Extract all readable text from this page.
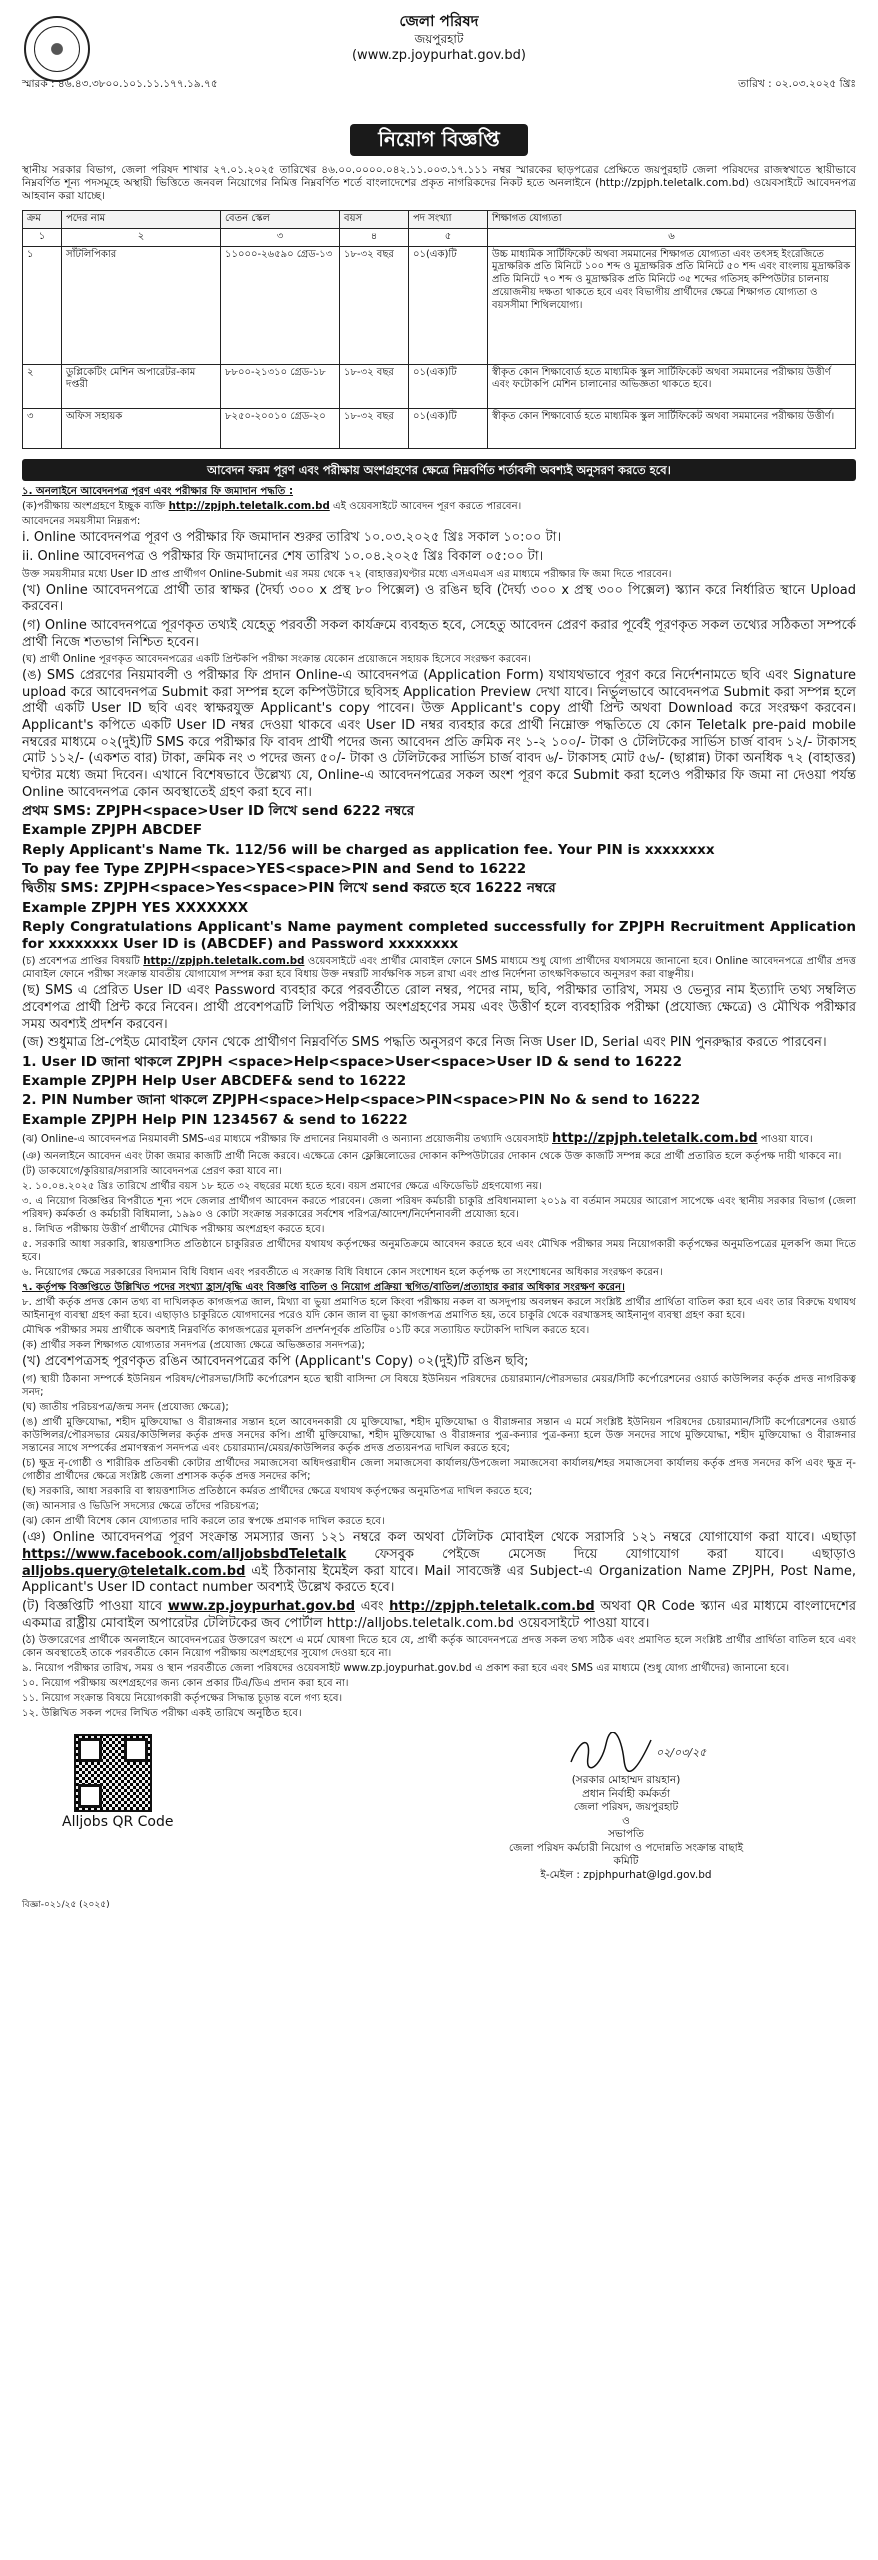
জেলা পরিষদ
জয়পুরহাট
(www.zp.joypurhat.gov.bd)
স্মারক : ৪৬.৪৩.৩৮০০.১০১.১১.১৭৭.১৯.৭৫	তারিখ : ০২.০৩.২০২৫ খ্রিঃ
নিয়োগ বিজ্ঞপ্তি
স্থানীয় সরকার বিভাগ, জেলা পরিষদ শাখার ২৭.০১.২০২৫ তারিখের ৪৬.০০.০০০০.০৪২.১১.০০৩.১৭.১১১ নম্বর স্মারকের ছাড়পত্রের প্রেক্ষিতে জয়পুরহাট জেলা পরিষদের রাজস্বখাতে স্থায়ীভাবে নিম্নবর্ণিত শূন্য পদসমূহে অস্থায়ী ভিত্তিতে জনবল নিয়োগের নিমিত্ত নিম্নবর্ণিত শর্তে বাংলাদেশের প্রকৃত নাগরিকদের নিকট হতে অনলাইনে (http://zpjph.teletalk.com.bd) ওয়েবসাইটে আবেদনপত্র আহবান করা যাচ্ছে।
ক্রম	পদের নাম	বেতন স্কেল	বয়স	পদ সংখ্যা	শিক্ষাগত যোগ্যতা
১	২	৩	৪	৫	৬
১	সাঁটলিপিকার	১১০০০-২৬৫৯০ গ্রেড-১৩	১৮-৩২ বছর	০১(এক)টি	উচ্চ মাধ্যমিক সার্টিফিকেট অথবা সমমানের শিক্ষাগত যোগ্যতা এবং তৎসহ ইংরেজিতে মুদ্রাক্ষরিক প্রতি মিনিটে ১০০ শব্দ ও মুদ্রাক্ষরিক প্রতি মিনিটে ৫০ শব্দ এবং বাংলায় মুদ্রাক্ষরিক প্রতি মিনিটে ৭০ শব্দ ও মুদ্রাক্ষরিক প্রতি মিনিটে ৩৫ শব্দের গতিসহ কম্পিউটার চালনায় প্রয়োজনীয় দক্ষতা থাকতে হবে এবং বিভাগীয় প্রার্থীদের ক্ষেত্রে শিক্ষাগত যোগ্যতা ও বয়সসীমা শিথিলযোগ্য।
২	ডুপ্লিকেটিং মেশিন অপারেটর-কাম দপ্তরী	৮৮০০-২১৩১০ গ্রেড-১৮	১৮-৩২ বছর	০১(এক)টি	স্বীকৃত কোন শিক্ষাবোর্ড হতে মাধ্যমিক স্কুল সার্টিফিকেট অথবা সমমানের পরীক্ষায় উত্তীর্ণ এবং ফটোকপি মেশিন চালানোর অভিজ্ঞতা থাকতে হবে।
৩	অফিস সহায়ক	৮২৫০-২০০১০ গ্রেড-২০	১৮-৩২ বছর	০১(এক)টি	স্বীকৃত কোন শিক্ষাবোর্ড হতে মাধ্যমিক স্কুল সার্টিফিকেট অথবা সমমানের পরীক্ষায় উত্তীর্ণ।
আবেদন ফরম পূরণ এবং পরীক্ষায় অংশগ্রহণের ক্ষেত্রে নিম্নবর্ণিত শর্তাবলী অবশ্যই অনুসরণ করতে হবে।

১. অনলাইনে আবেদনপত্র পূরণ এবং পরীক্ষার ফি জমাদান পদ্ধতি :

(ক)পরীক্ষায় অংশগ্রহণে ইচ্ছুক ব্যক্তি http://zpjph.teletalk.com.bd এই ওয়েবসাইটে আবেদন পূরণ করতে পারবেন।

আবেদনের সময়সীমা নিম্নরূপ:

i. Online আবেদনপত্র পূরণ ও পরীক্ষার ফি জমাদান শুরুর তারিখ ১০.০৩.২০২৫ খ্রিঃ সকাল ১০:০০ টা।

ii. Online আবেদনপত্র ও পরীক্ষার ফি জমাদানের শেষ তারিখ ১০.০৪.২০২৫ খ্রিঃ বিকাল ০৫:০০ টা।

উক্ত সময়সীমার মধ্যে User ID প্রাপ্ত প্রার্থীগণ Online-Submit এর সময় থেকে ৭২ (বাহাত্তর)ঘণ্টার মধ্যে এসএমএস এর মাধ্যমে পরীক্ষার ফি জমা দিতে পারবেন।

(খ) Online আবেদনপত্রে প্রার্থী তার স্বাক্ষর (দৈর্ঘ্য ৩০০ x প্রস্থ ৮০ পিক্সেল) ও রঙিন ছবি (দৈর্ঘ্য ৩০০ x প্রস্থ ৩০০ পিক্সেল) স্ক্যান করে নির্ধারিত স্থানে Upload করবেন।

(গ) Online আবেদনপত্রে পূরণকৃত তথ্যই যেহেতু পরবর্তী সকল কার্যক্রমে ব্যবহৃত হবে, সেহেতু আবেদন প্রেরণ করার পূর্বেই পূরণকৃত সকল তথ্যের সঠিকতা সম্পর্কে প্রার্থী নিজে শতভাগ নিশ্চিত হবেন।

(ঘ) প্রার্থী Online পূরণকৃত আবেদনপত্রের একটি প্রিন্টকপি পরীক্ষা সংক্রান্ত যেকোন প্রয়োজনে সহায়ক হিসেবে সংরক্ষণ করবেন।

(ঙ) SMS প্রেরণের নিয়মাবলী ও পরীক্ষার ফি প্রদান Online-এ আবেদনপত্র (Application Form) যথাযথভাবে পূরণ করে নির্দেশনামতে ছবি এবং Signature upload করে আবেদনপত্র Submit করা সম্পন্ন হলে কম্পিউটারে ছবিসহ Application Preview দেখা যাবে। নির্ভুলভাবে আবেদনপত্র Submit করা সম্পন্ন হলে প্রার্থী একটি User ID ছবি এবং স্বাক্ষরযুক্ত Applicant's copy পাবেন। উক্ত Applicant's copy প্রার্থী প্রিন্ট অথবা Download করে সংরক্ষণ করবেন। Applicant's কপিতে একটি User ID নম্বর দেওয়া থাকবে এবং User ID নম্বর ব্যবহার করে প্রার্থী নিম্নোক্ত পদ্ধতিতে যে কোন Teletalk pre-paid mobile নম্বরের মাধ্যমে ০২(দুই)টি SMS করে পরীক্ষার ফি বাবদ প্রার্থী পদের জন্য আবেদন প্রতি ক্রমিক নং ১-২ ১০০/- টাকা ও টেলিটকের সার্ভিস চার্জ বাবদ ১২/- টাকাসহ মোট ১১২/- (একশত বার) টাকা, ক্রমিক নং ৩ পদের জন্য ৫০/- টাকা ও টেলিটকের সার্ভিস চার্জ বাবদ ৬/- টাকাসহ মোট ৫৬/- (ছাপ্পান্ন) টাকা অনধিক ৭২ (বাহাত্তর) ঘণ্টার মধ্যে জমা দিবেন। এখানে বিশেষভাবে উল্লেখ্য যে, Online-এ আবেদনপত্রের সকল অংশ পূরণ করে Submit করা হলেও পরীক্ষার ফি জমা না দেওয়া পর্যন্ত Online আবেদনপত্র কোন অবস্থাতেই গ্রহণ করা হবে না।

প্রথম SMS: ZPJPH<space>User ID লিখে send 6222 নম্বরে

Example ZPJPH ABCDEF

Reply Applicant's Name Tk. 112/56 will be charged as application fee. Your PIN is xxxxxxxx

To pay fee Type ZPJPH<space>YES<space>PIN and Send to 16222

দ্বিতীয় SMS: ZPJPH<space>Yes<space>PIN লিখে send করতে হবে 16222 নম্বরে

Example ZPJPH YES XXXXXXX

Reply Congratulations Applicant's Name payment completed successfully for ZPJPH Recruitment Application for xxxxxxxx User ID is (ABCDEF) and Password xxxxxxxx

(চ) প্রবেশপত্র প্রাপ্তির বিষয়টি http://zpjph.teletalk.com.bd ওয়েবসাইটে এবং প্রার্থীর মোবাইল ফোনে SMS মাধ্যমে শুধু যোগ্য প্রার্থীদের যথাসময়ে জানানো হবে। Online আবেদনপত্রে প্রার্থীর প্রদত্ত মোবাইল ফোনে পরীক্ষা সংক্রান্ত যাবতীয় যোগাযোগ সম্পন্ন করা হবে বিধায় উক্ত নম্বরটি সার্বক্ষণিক সচল রাখা এবং প্রাপ্ত নির্দেশনা তাৎক্ষণিকভাবে অনুসরণ করা বাঞ্ছনীয়।

(ছ) SMS এ প্রেরিত User ID এবং Password ব্যবহার করে পরবর্তীতে রোল নম্বর, পদের নাম, ছবি, পরীক্ষার তারিখ, সময় ও ভেন্যুর নাম ইত্যাদি তথ্য সম্বলিত প্রবেশপত্র প্রার্থী প্রিন্ট করে নিবেন। প্রার্থী প্রবেশপত্রটি লিখিত পরীক্ষায় অংশগ্রহণের সময় এবং উত্তীর্ণ হলে ব্যবহারিক পরীক্ষা (প্রযোজ্য ক্ষেত্রে) ও মৌখিক পরীক্ষার সময় অবশ্যই প্রদর্শন করবেন।

(জ) শুধুমাত্র প্রি-পেইড মোবাইল ফোন থেকে প্রার্থীগণ নিম্নবর্ণিত SMS পদ্ধতি অনুসরণ করে নিজ নিজ User ID, Serial এবং PIN পুনরুদ্ধার করতে পারবেন।

1. User ID জানা থাকলে ZPJPH <space>Help<space>User<space>User ID & send to 16222

Example ZPJPH Help User ABCDEF& send to 16222

2. PIN Number জানা থাকলে ZPJPH<space>Help<space>PIN<space>PIN No & send to 16222

Example ZPJPH Help PIN 1234567 & send to 16222

(ঝ) Online-এ আবেদনপত্র নিয়মাবলী SMS-এর মাধ্যমে পরীক্ষার ফি প্রদানের নিয়মাবলী ও অন্যান্য প্রয়োজনীয় তথ্যাদি ওয়েবসাইট http://zpjph.teletalk.com.bd পাওয়া যাবে।

(ঞ) অনলাইনে আবেদন এবং টাকা জমার কাজটি প্রার্থী নিজে করবে। এক্ষেত্রে কোন ফ্লেক্সিলোডের দোকান কম্পিউটারের দোকান থেকে উক্ত কাজটি সম্পন্ন করে প্রার্থী প্রতারিত হলে কর্তৃপক্ষ দায়ী থাকবে না।

(ট) ডাকযোগে/কুরিয়ার/সরাসরি আবেদনপত্র প্রেরণ করা যাবে না।

২. ১০.০৪.২০২৫ খ্রিঃ তারিখে প্রার্থীর বয়স ১৮ হতে ৩২ বছরের মধ্যে হতে হবে। বয়স প্রমাণের ক্ষেত্রে এফিডেভিট গ্রহণযোগ্য নয়।

৩. এ নিয়োগ বিজ্ঞপ্তির বিপরীতে শূন্য পদে জেলার প্রার্থীগণ আবেদন করতে পারবেন। জেলা পরিষদ কর্মচারী চাকুরি প্রবিধানমালা ২০১৯ বা বর্তমান সময়ের আরোপ সাপেক্ষে এবং স্থানীয় সরকার বিভাগ (জেলা পরিষদ) কর্মকর্তা ও কর্মচারী বিধিমালা, ১৯৯০ ও কোটা সংক্রান্ত সরকারের সর্বশেষ পরিপত্র/আদেশ/নির্দেশনাবলী প্রযোজ্য হবে।

৪. লিখিত পরীক্ষায় উত্তীর্ণ প্রার্থীদের মৌখিক পরীক্ষায় অংশগ্রহণ করতে হবে।

৫. সরকারি আধা সরকারি, স্বায়ত্তশাসিত প্রতিষ্ঠানে চাকুরিরত প্রার্থীদের যথাযথ কর্তৃপক্ষের অনুমতিক্রমে আবেদন করতে হবে এবং মৌখিক পরীক্ষার সময় নিয়োগকারী কর্তৃপক্ষের অনুমতিপত্রের মূলকপি জমা দিতে হবে।

৬. নিয়োগের ক্ষেত্রে সরকারের বিদ্যমান বিধি বিধান এবং পরবর্তীতে এ সংক্রান্ত বিধি বিধানে কোন সংশোধন হলে কর্তৃপক্ষ তা সংশোধনের অধিকার সংরক্ষণ করেন।

৭. কর্তৃপক্ষ বিজ্ঞপ্তিতে উল্লিখিত পদের সংখ্যা হ্রাস/বৃদ্ধি এবং বিজ্ঞপ্তি বাতিল ও নিয়োগ প্রক্রিয়া স্থগিত/বাতিল/প্রত্যাহার করার অধিকার সংরক্ষণ করেন।

৮. প্রার্থী কর্তৃক প্রদত্ত কোন তথ্য বা দাখিলকৃত কাগজপত্র জাল, মিথ্যা বা ভুয়া প্রমাণিত হলে কিংবা পরীক্ষায় নকল বা অসদুপায় অবলম্বন করলে সংশ্লিষ্ট প্রার্থীর প্রার্থিতা বাতিল করা হবে এবং তার বিরুদ্ধে যথাযথ আইনানুগ ব্যবস্থা গ্রহণ করা হবে। এছাড়াও চাকুরিতে যোগদানের পরেও যদি কোন জাল বা ভুয়া কাগজপত্র প্রমাণিত হয়, তবে চাকুরি থেকে বরখাস্তসহ আইনানুগ ব্যবস্থা গ্রহণ করা হবে।

মৌখিক পরীক্ষার সময় প্রার্থীকে অবশ্যই নিম্নবর্ণিত কাগজপত্রের মূলকপি প্রদর্শনপূর্বক প্রতিটির ০১টি করে সত্যায়িত ফটোকপি দাখিল করতে হবে।

(ক) প্রার্থীর সকল শিক্ষাগত যোগ্যতার সনদপত্র (প্রযোজ্য ক্ষেত্রে অভিজ্ঞতার সনদপত্র);

(খ) প্রবেশপত্রসহ পূরণকৃত রঙিন আবেদনপত্রের কপি (Applicant's Copy) ০২(দুই)টি রঙিন ছবি;

(গ) স্থায়ী ঠিকানা সম্পর্কে ইউনিয়ন পরিষদ/পৌরসভা/সিটি কর্পোরেশন হতে স্থায়ী বাসিন্দা সে বিষয়ে ইউনিয়ন পরিষদের চেয়ারম্যান/পৌরসভার মেয়র/সিটি কর্পোরেশনের ওয়ার্ড কাউন্সিলর কর্তৃক প্রদত্ত নাগরিকত্ব সনদ;

(ঘ) জাতীয় পরিচয়পত্র/জন্ম সনদ (প্রযোজ্য ক্ষেত্রে);

(ঙ) প্রার্থী মুক্তিযোদ্ধা, শহীদ মুক্তিযোদ্ধা ও বীরাঙ্গনার সন্তান হলে আবেদনকারী যে মুক্তিযোদ্ধা, শহীদ মুক্তিযোদ্ধা ও বীরাঙ্গনার সন্তান এ মর্মে সংশ্লিষ্ট ইউনিয়ন পরিষদের চেয়ারম্যান/সিটি কর্পোরেশনের ওয়ার্ড কাউন্সিলর/পৌরসভার মেয়র/কাউন্সিলর কর্তৃক প্রদত্ত সনদের কপি। প্রার্থী মুক্তিযোদ্ধা, শহীদ মুক্তিযোদ্ধা ও বীরাঙ্গনার পুত্র-কন্যার পুত্র-কন্যা হলে উক্ত সনদের সাথে মুক্তিযোদ্ধা, শহীদ মুক্তিযোদ্ধা ও বীরাঙ্গনার সন্তানের সাথে সম্পর্কের প্রমাণস্বরূপ সনদপত্র এবং চেয়ারম্যান/মেয়র/কাউন্সিলর কর্তৃক প্রদত্ত প্রত্যয়নপত্র দাখিল করতে হবে;

(চ) ক্ষুদ্র নৃ-গোষ্ঠী ও শারীরিক প্রতিবন্ধী কোটার প্রার্থীদের সমাজসেবা অধিদপ্তরাধীন জেলা সমাজসেবা কার্যালয়/উপজেলা সমাজসেবা কার্যালয়/শহর সমাজসেবা কার্যালয় কর্তৃক প্রদত্ত সনদের কপি এবং ক্ষুদ্র নৃ-গোষ্ঠীর প্রার্থীদের ক্ষেত্রে সংশ্লিষ্ট জেলা প্রশাসক কর্তৃক প্রদত্ত সনদের কপি;

(ছ) সরকারি, আধা সরকারি বা স্বায়ত্তশাসিত প্রতিষ্ঠানে কর্মরত প্রার্থীদের ক্ষেত্রে যথাযথ কর্তৃপক্ষের অনুমতিপত্র দাখিল করতে হবে;

(জ) আনসার ও ভিডিপি সদস্যের ক্ষেত্রে তাঁদের পরিচয়পত্র;

(ঝ) কোন প্রার্থী বিশেষ কোন যোগ্যতার দাবি করলে তার স্বপক্ষে প্রমাণক দাখিল করতে হবে।

(ঞ) Online আবেদনপত্র পূরণ সংক্রান্ত সমস্যার জন্য ১২১ নম্বরে কল অথবা টেলিটক মোবাইল থেকে সরাসরি ১২১ নম্বরে যোগাযোগ করা যাবে। এছাড়া https://www.facebook.com/alljobsbdTeletalk ফেসবুক পেইজে মেসেজ দিয়ে যোগাযোগ করা যাবে। এছাড়াও alljobs.query@teletalk.com.bd এই ঠিকানায় ইমেইল করা যাবে। Mail সাবজেক্ট এর Subject-এ Organization Name ZPJPH, Post Name, Applicant's User ID contact number অবশ্যই উল্লেখ করতে হবে।

(ট) বিজ্ঞপ্তিটি পাওয়া যাবে www.zp.joypurhat.gov.bd এবং http://zpjph.teletalk.com.bd অথবা QR Code স্ক্যান এর মাধ্যমে বাংলাদেশের একমাত্র রাষ্ট্রীয় মোবাইল অপারেটর টেলিটকের জব পোর্টাল http://alljobs.teletalk.com.bd ওয়েবসাইটে পাওয়া যাবে।

(ঠ) উক্তারেণের প্রার্থীকে অনলাইনে আবেদনপত্রের উক্তারেণ অংশে এ মর্মে ঘোষণা দিতে হবে যে, প্রার্থী কর্তৃক আবেদনপত্রে প্রদত্ত সকল তথ্য সঠিক এবং প্রমাণিত হলে সংশ্লিষ্ট প্রার্থীর প্রার্থিতা বাতিল হবে এবং কোন অবস্থাতেই তাকে পরবর্তীতে কোন নিয়োগ পরীক্ষায় অংশগ্রহণের সুযোগ দেওয়া হবে না।

৯. নিয়োগ পরীক্ষার তারিখ, সময় ও স্থান পরবর্তীতে জেলা পরিষদের ওয়েবসাইট www.zp.joypurhat.gov.bd এ প্রকাশ করা হবে এবং SMS এর মাধ্যমে (শুধু যোগ্য প্রার্থীদের) জানানো হবে।

১০. নিয়োগ পরীক্ষায় অংশগ্রহণের জন্য কোন প্রকার টিএ/ডিএ প্রদান করা হবে না।

১১. নিয়োগ সংক্রান্ত বিষয়ে নিয়োগকারী কর্তৃপক্ষের সিদ্ধান্ত চূড়ান্ত বলে গণ্য হবে।

১২. উল্লিখিত সকল পদের লিখিত পরীক্ষা একই তারিখে অনুষ্ঠিত হবে।

Alljobs QR Code
০২/০৩/২৫
(সরকার মোহাম্মদ রায়হান)
প্রধান নির্বাহী কর্মকর্তা
জেলা পরিষদ, জয়পুরহাট
ও
সভাপতি
জেলা পরিষদ কর্মচারী নিয়োগ ও পদোন্নতি সংক্রান্ত বাছাই কমিটি
ই-মেইল : zpjphpurhat@lgd.gov.bd
বিজ্ঞা-০২১/২৫ (২০২৫)
